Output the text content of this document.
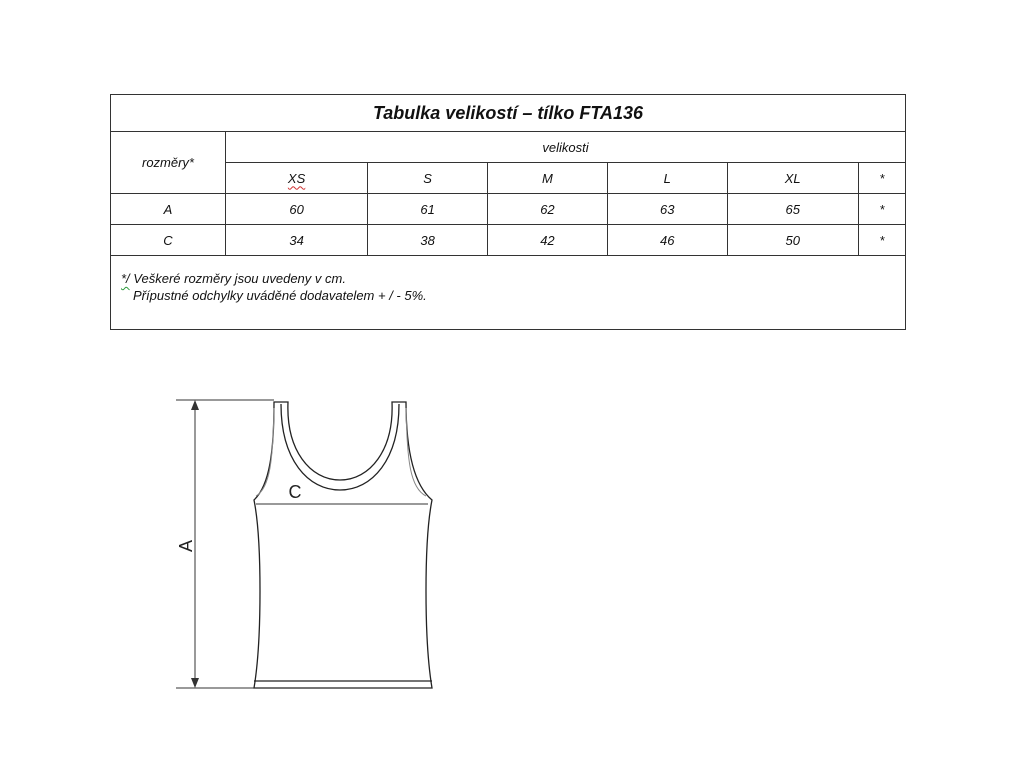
Tabulka velikostí – tílko FTA136						
rozměry*	velikosti					
	XS	S	M	L	XL	*
A	60	61	62	63	65	*
C	34	38	42	46	50	*
*/ Veškeré rozměry jsou uvedeny v cm.
Přípustné odchylky uváděné dodavatelem + / - 5%.						
A
C
